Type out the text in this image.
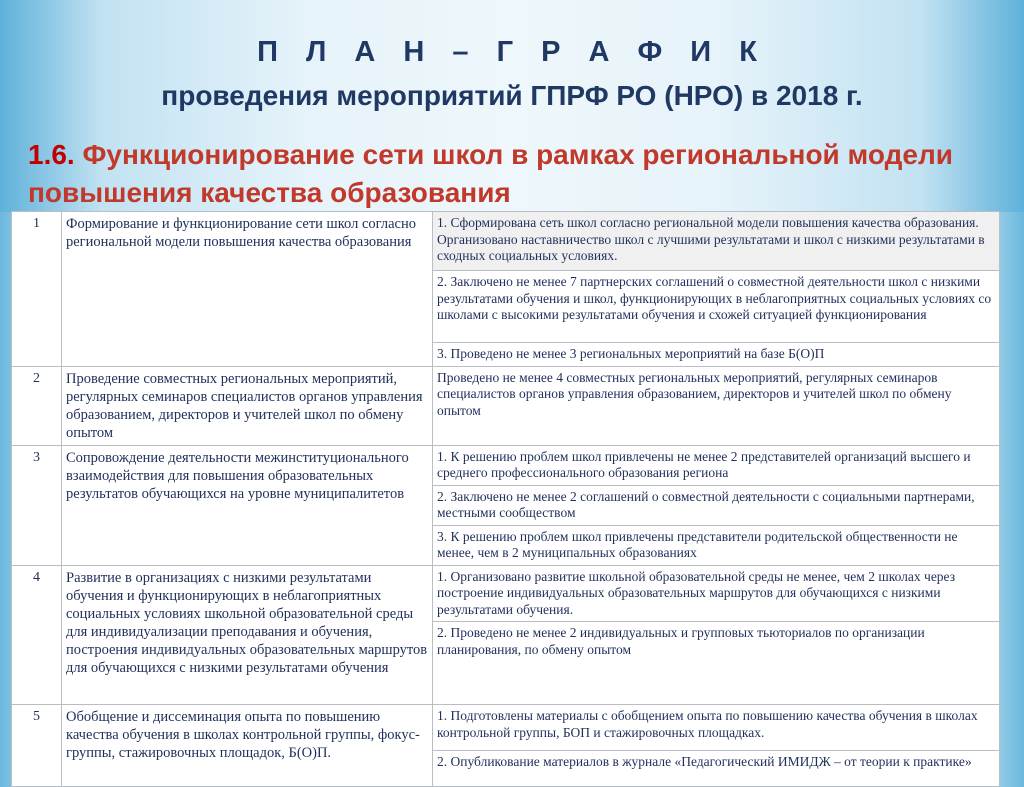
П Л А Н – Г Р А Ф И К
проведения мероприятий ГПРФ РО (НРО) в 2018 г.
1.6. Функционирование сети школ в рамках региональной модели повышения качества образования
1	Формирование и функционирование сети школ согласно региональной модели повышения качества образования	1. Сформирована сеть школ согласно региональной модели повышения качества образования. Организовано наставничество школ с лучшими результатами и школ с низкими результатами в сходных социальных условиях.
		2. Заключено не менее 7 партнерских соглашений о совместной деятельности школ с низкими результатами обучения и школ, функционирующих в неблагоприятных социальных условиях со школами с высокими результатами обучения и схожей ситуацией функционирования
		3. Проведено не менее 3 региональных мероприятий на базе Б(О)П
2	Проведение совместных региональных мероприятий, регулярных семинаров специалистов органов управления образованием, директоров и учителей школ по обмену опытом	Проведено не менее 4 совместных региональных мероприятий, регулярных семинаров специалистов органов управления образованием, директоров и учителей школ по обмену опытом
3	Сопровождение деятельности межинституционального взаимодействия для повышения образовательных результатов обучающихся на уровне муниципалитетов	1. К решению проблем школ привлечены не менее 2 представителей организаций высшего и среднего профессионального образования региона
		2. Заключено не менее 2 соглашений о совместной деятельности с социальными партнерами, местными сообществом
		3. К решению проблем школ привлечены представители родительской общественности не менее, чем в 2 муниципальных образованиях
4	Развитие в организациях с низкими результатами обучения и функционирующих в неблагоприятных социальных условиях школьной образовательной среды для индивидуализации преподавания и обучения, построения индивидуальных образовательных маршрутов для обучающихся с низкими результатами обучения	1. Организовано развитие школьной образовательной среды не менее, чем 2 школах через построение индивидуальных образовательных маршрутов для обучающихся с низкими результатами обучения.
		2. Проведено не менее 2 индивидуальных и групповых тьюториалов по организации планирования, по обмену опытом
5	Обобщение и диссеминация опыта по повышению качества обучения в школах контрольной группы, фокус-группы, стажировочных площадок, Б(О)П.	1. Подготовлены материалы с обобщением опыта по повышению качества обучения в школах контрольной группы, БОП и стажировочных площадках.
		2. Опубликование материалов в журнале «Педагогический ИМИДЖ – от теории к практике»
